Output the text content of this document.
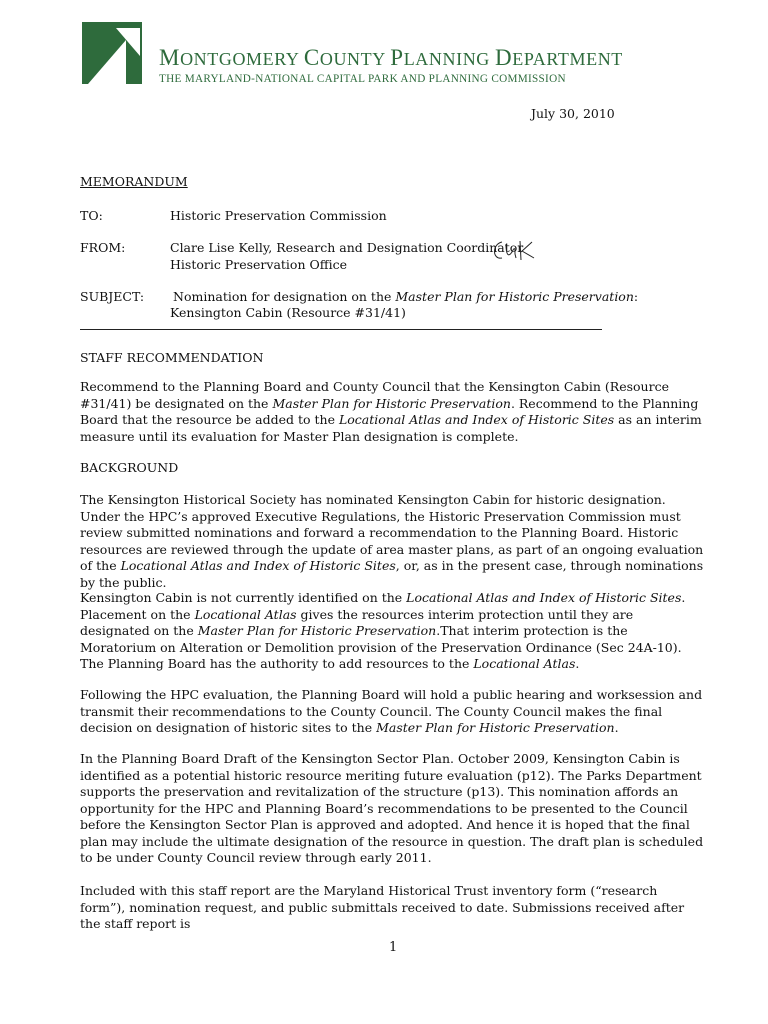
MONTGOMERY COUNTY PLANNING DEPARTMENT
THE MARYLAND-NATIONAL CAPITAL PARK AND PLANNING COMMISSION
July 30, 2010
MEMORANDUM
TO:	Historic Preservation Commission
FROM:	Clare Lise Kelly, Research and Designation Coordinator
Historic Preservation Office
SUBJECT: Nomination for designation on the Master Plan for Historic Preservation:
Kensington Cabin (Resource #31/41)
STAFF RECOMMENDATION
Recommend to the Planning Board and County Council that the Kensington Cabin (Resource #31/41) be designated on the Master Plan for Historic Preservation. Recommend to the Planning Board that the resource be added to the Locational Atlas and Index of Historic Sites as an interim measure until its evaluation for Master Plan designation is complete.
BACKGROUND
The Kensington Historical Society has nominated Kensington Cabin for historic designation. Under the HPC’s approved Executive Regulations, the Historic Preservation Commission must review submitted nominations and forward a recommendation to the Planning Board. Historic resources are reviewed through the update of area master plans, as part of an ongoing evaluation of the Locational Atlas and Index of Historic Sites, or, as in the present case, through nominations by the public.
Kensington Cabin is not currently identified on the Locational Atlas and Index of Historic Sites. Placement on the Locational Atlas gives the resources interim protection until they are designated on the Master Plan for Historic Preservation.That interim protection is the Moratorium on Alteration or Demolition provision of the Preservation Ordinance (Sec 24A-10). The Planning Board has the authority to add resources to the Locational Atlas.
Following the HPC evaluation, the Planning Board will hold a public hearing and worksession and transmit their recommendations to the County Council. The County Council makes the final decision on designation of historic sites to the Master Plan for Historic Preservation.
In the Planning Board Draft of the Kensington Sector Plan. October 2009, Kensington Cabin is identified as a potential historic resource meriting future evaluation (p12). The Parks Department supports the preservation and revitalization of the structure (p13). This nomination affords an opportunity for the HPC and Planning Board’s recommendations to be presented to the Council before the Kensington Sector Plan is approved and adopted. And hence it is hoped that the final plan may include the ultimate designation of the resource in question. The draft plan is scheduled to be under County Council review through early 2011.
Included with this staff report are the Maryland Historical Trust inventory form (“research form”), nomination request, and public submittals received to date. Submissions received after the staff report is
1
